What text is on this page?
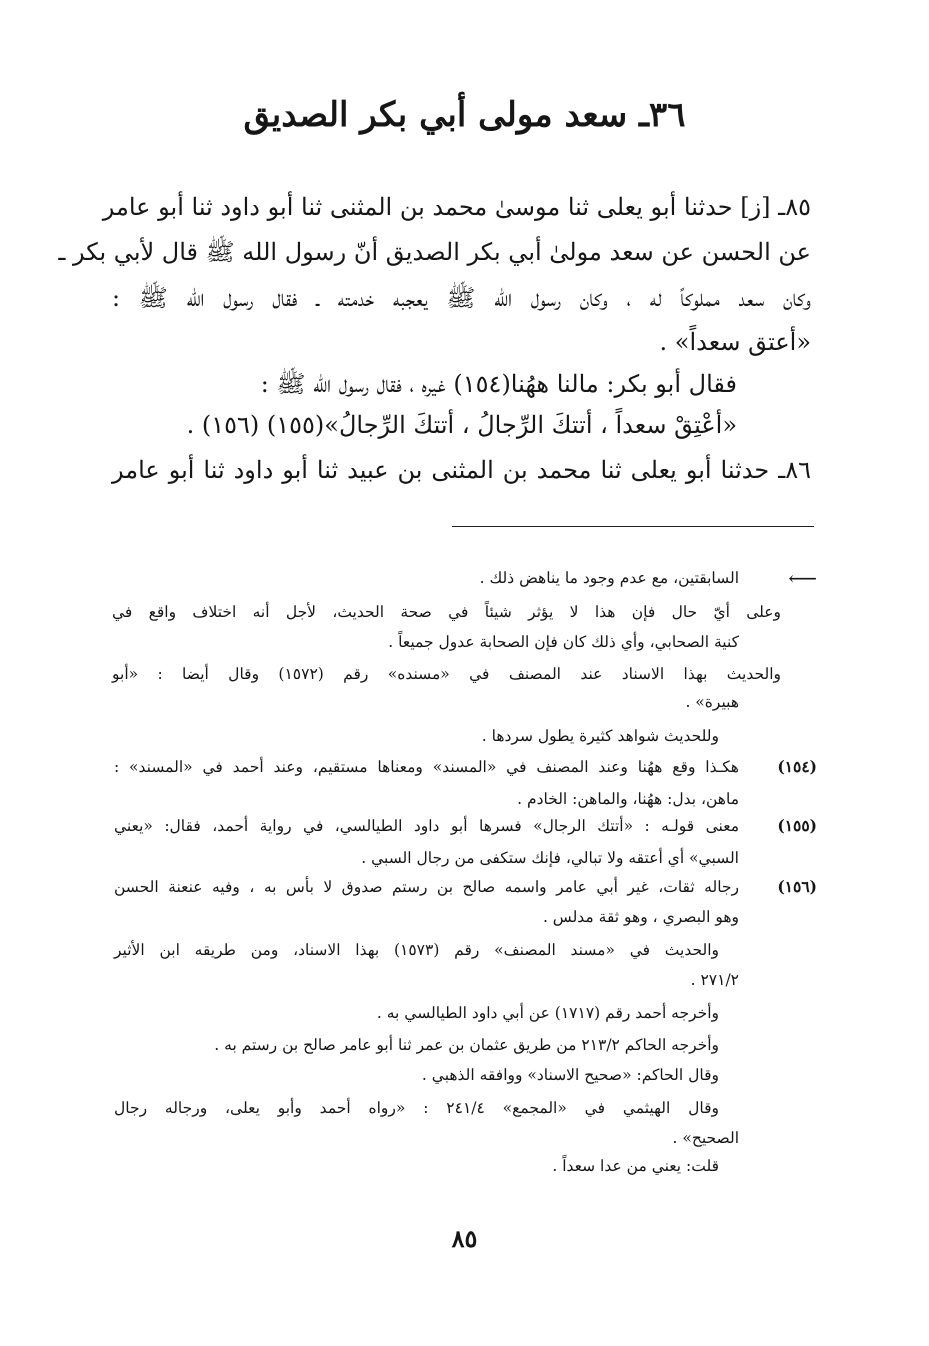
٣٦ـ سعد مولى أبي بكر الصديق
٨٥ـ [ز] حدثنا أبو يعلى ثنا موسىٰ محمد بن المثنى ثنا أبو داود ثنا أبو عامر
عن الحسن عن سعد مولىٰ أبي بكر الصديق أنّ رسول الله ﷺ قال لأبي بكر ـ
وكان سعد مملوكاً له ، وكان رسول الله ﷺ يعجبه خدمته ـ فقال رسول الله ﷺ :
«أعتق سعداً» .
فقال أبو بكر: مالنا ههُنا(١٥٤) غيره ، فقال رسول الله ﷺ :
«أعْتِقْ سعداً ، أتتكَ الرِّجالُ ، أتتكَ الرِّجالُ»(١٥٥) (١٥٦) .
٨٦ـ حدثنا أبو يعلى ثنا محمد بن المثنى بن عبيد ثنا أبو داود ثنا أبو عامر
⟵
السابقتين، مع عدم وجود ما يناهض ذلك .
وعلى أيّ حال فإن هذا لا يؤثر شيئاً في صحة الحديث، لأجل أنه اختلاف واقع في
كنية الصحابي، وأي ذلك كان فإن الصحابة عدول جميعاً .
والحديث بهذا الاسناد عند المصنف في «مسنده» رقم (١٥٧٢) وقال أيضا : «أبو
هبيرة» .
وللحديث شواهد كثيرة يطول سردها .
(١٥٤)
هكـذا وقع ههُنا وعند المصنف في «المسند» ومعناها مستقيم، وعند أحمد في «المسند» :
ماهن، بدل: ههُنا، والماهن: الخادم .
(١٥٥)
معنى قولـه : «أتتك الرجال» فسرها أبو داود الطيالسي، في رواية أحمد، فقال: «يعني
السبي» أي أعتقه ولا تبالي، فإنك ستكفى من رجال السبي .
(١٥٦)
رجاله ثقات، غير أبي عامر واسمه صالح بن رستم صدوق لا بأس به ، وفيه عنعنة الحسن
وهو البصري ، وهو ثقة مدلس .
والحديث في «مسند المصنف» رقم (١٥٧٣) بهذا الاسناد، ومن طريقه ابن الأثير
٢٧١/٢ .
وأخرجه أحمد رقم (١٧١٧) عن أبي داود الطيالسي به .
وأخرجه الحاكم ٢١٣/٢ من طريق عثمان بن عمر ثنا أبو عامر صالح بن رستم به .
وقال الحاكم: «صحيح الاسناد» ووافقه الذهبي .
وقال الهيثمي في «المجمع» ٢٤١/٤ : «رواه أحمد وأبو يعلى، ورجاله رجال
الصحيح» .
قلت: يعني من عدا سعداً .
٨٥
